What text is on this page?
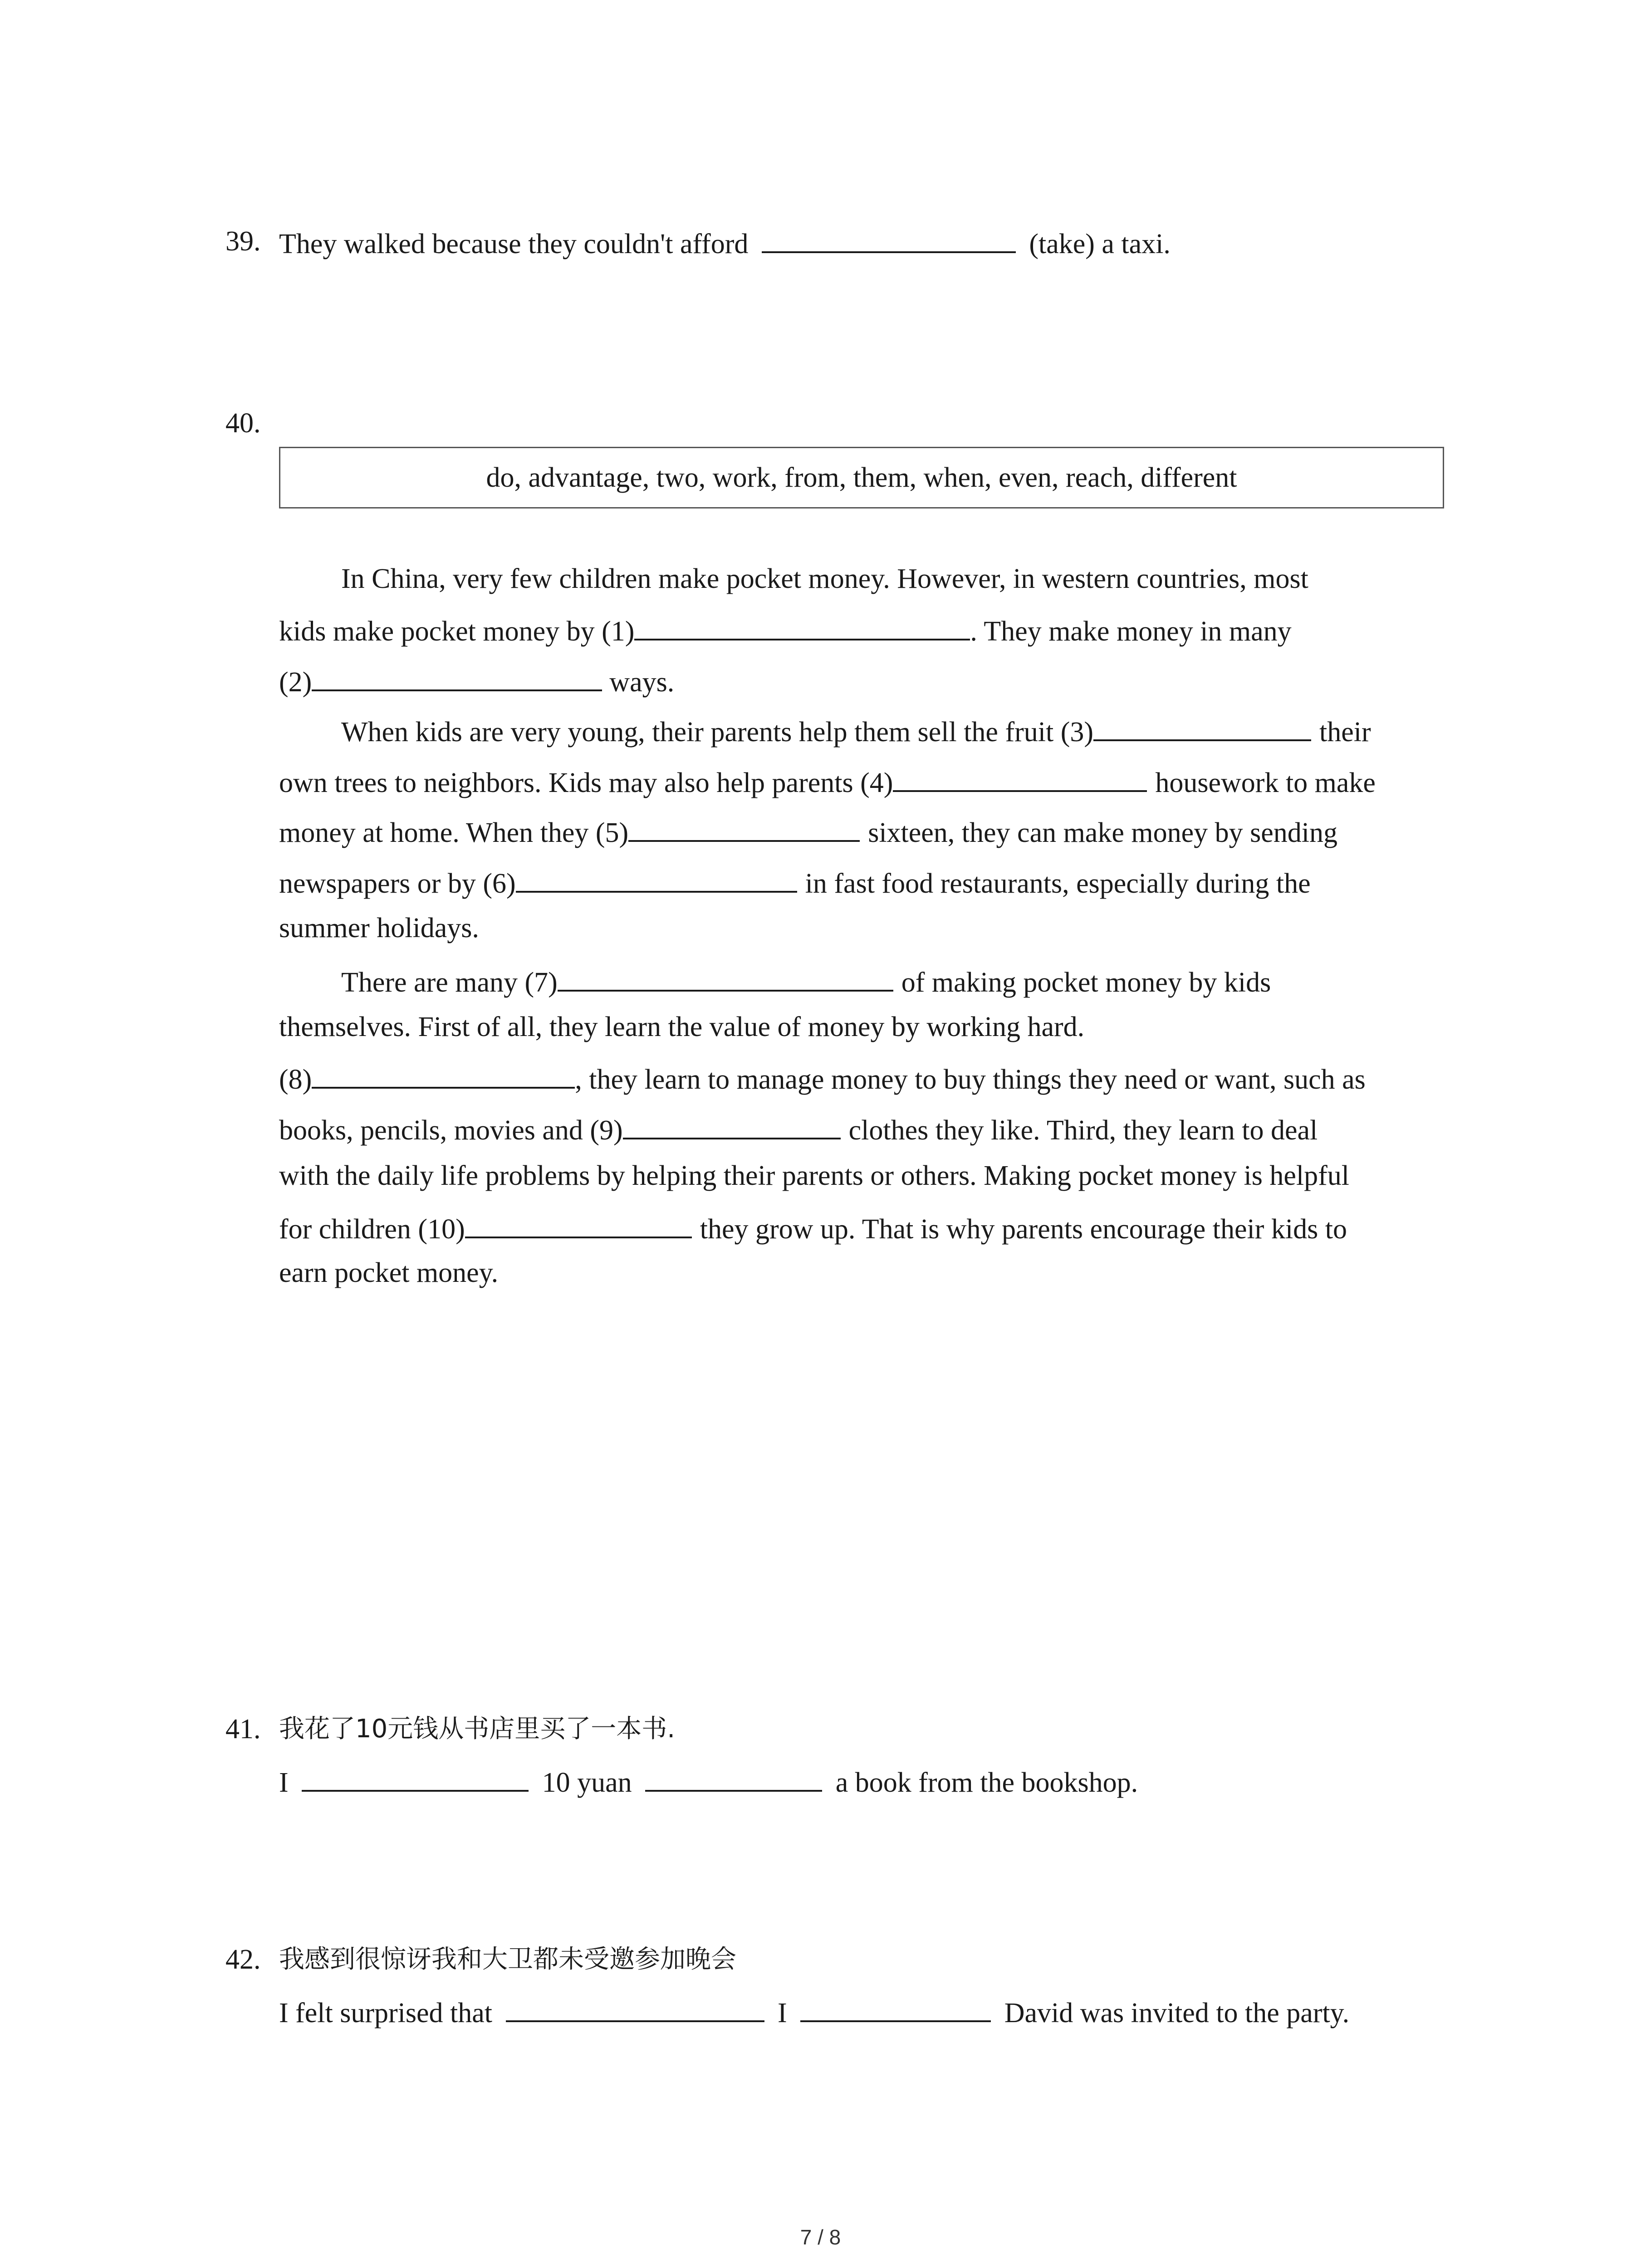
39. They walked because they couldn't afford	(take) a taxi.
40.
do, advantage, two, work, from, them, when, even, reach, different
In China, very few children make pocket money. However, in western countries, most
kids make pocket money by (1)	. They make money in many
(2)	ways.
When kids are very young, their parents help them sell the fruit (3)	their
own trees to neighbors. Kids may also help parents (4)	housework to make
money at home. When they (5)	sixteen, they can make money by sending
newspapers or by (6)	in fast food restaurants, especially during the
summer holidays.
There are many (7)	of making pocket money by kids
themselves. First of all, they learn the value of money by working hard.
(8)	, they learn to manage money to buy things they need or want, such as
books, pencils, movies and (9)	clothes they like. Third, they learn to deal
with the daily life problems by helping their parents or others. Making pocket money is helpful
for children (10)	they grow up. That is why parents encourage their kids to
earn pocket money.
41. 我花了10元钱从书店里买了一本书.
I	10 yuan	a book from the bookshop.
42. 我感到很惊讶我和大卫都未受邀参加晚会
I felt surprised that	I	David was invited to the party.
7 / 8
